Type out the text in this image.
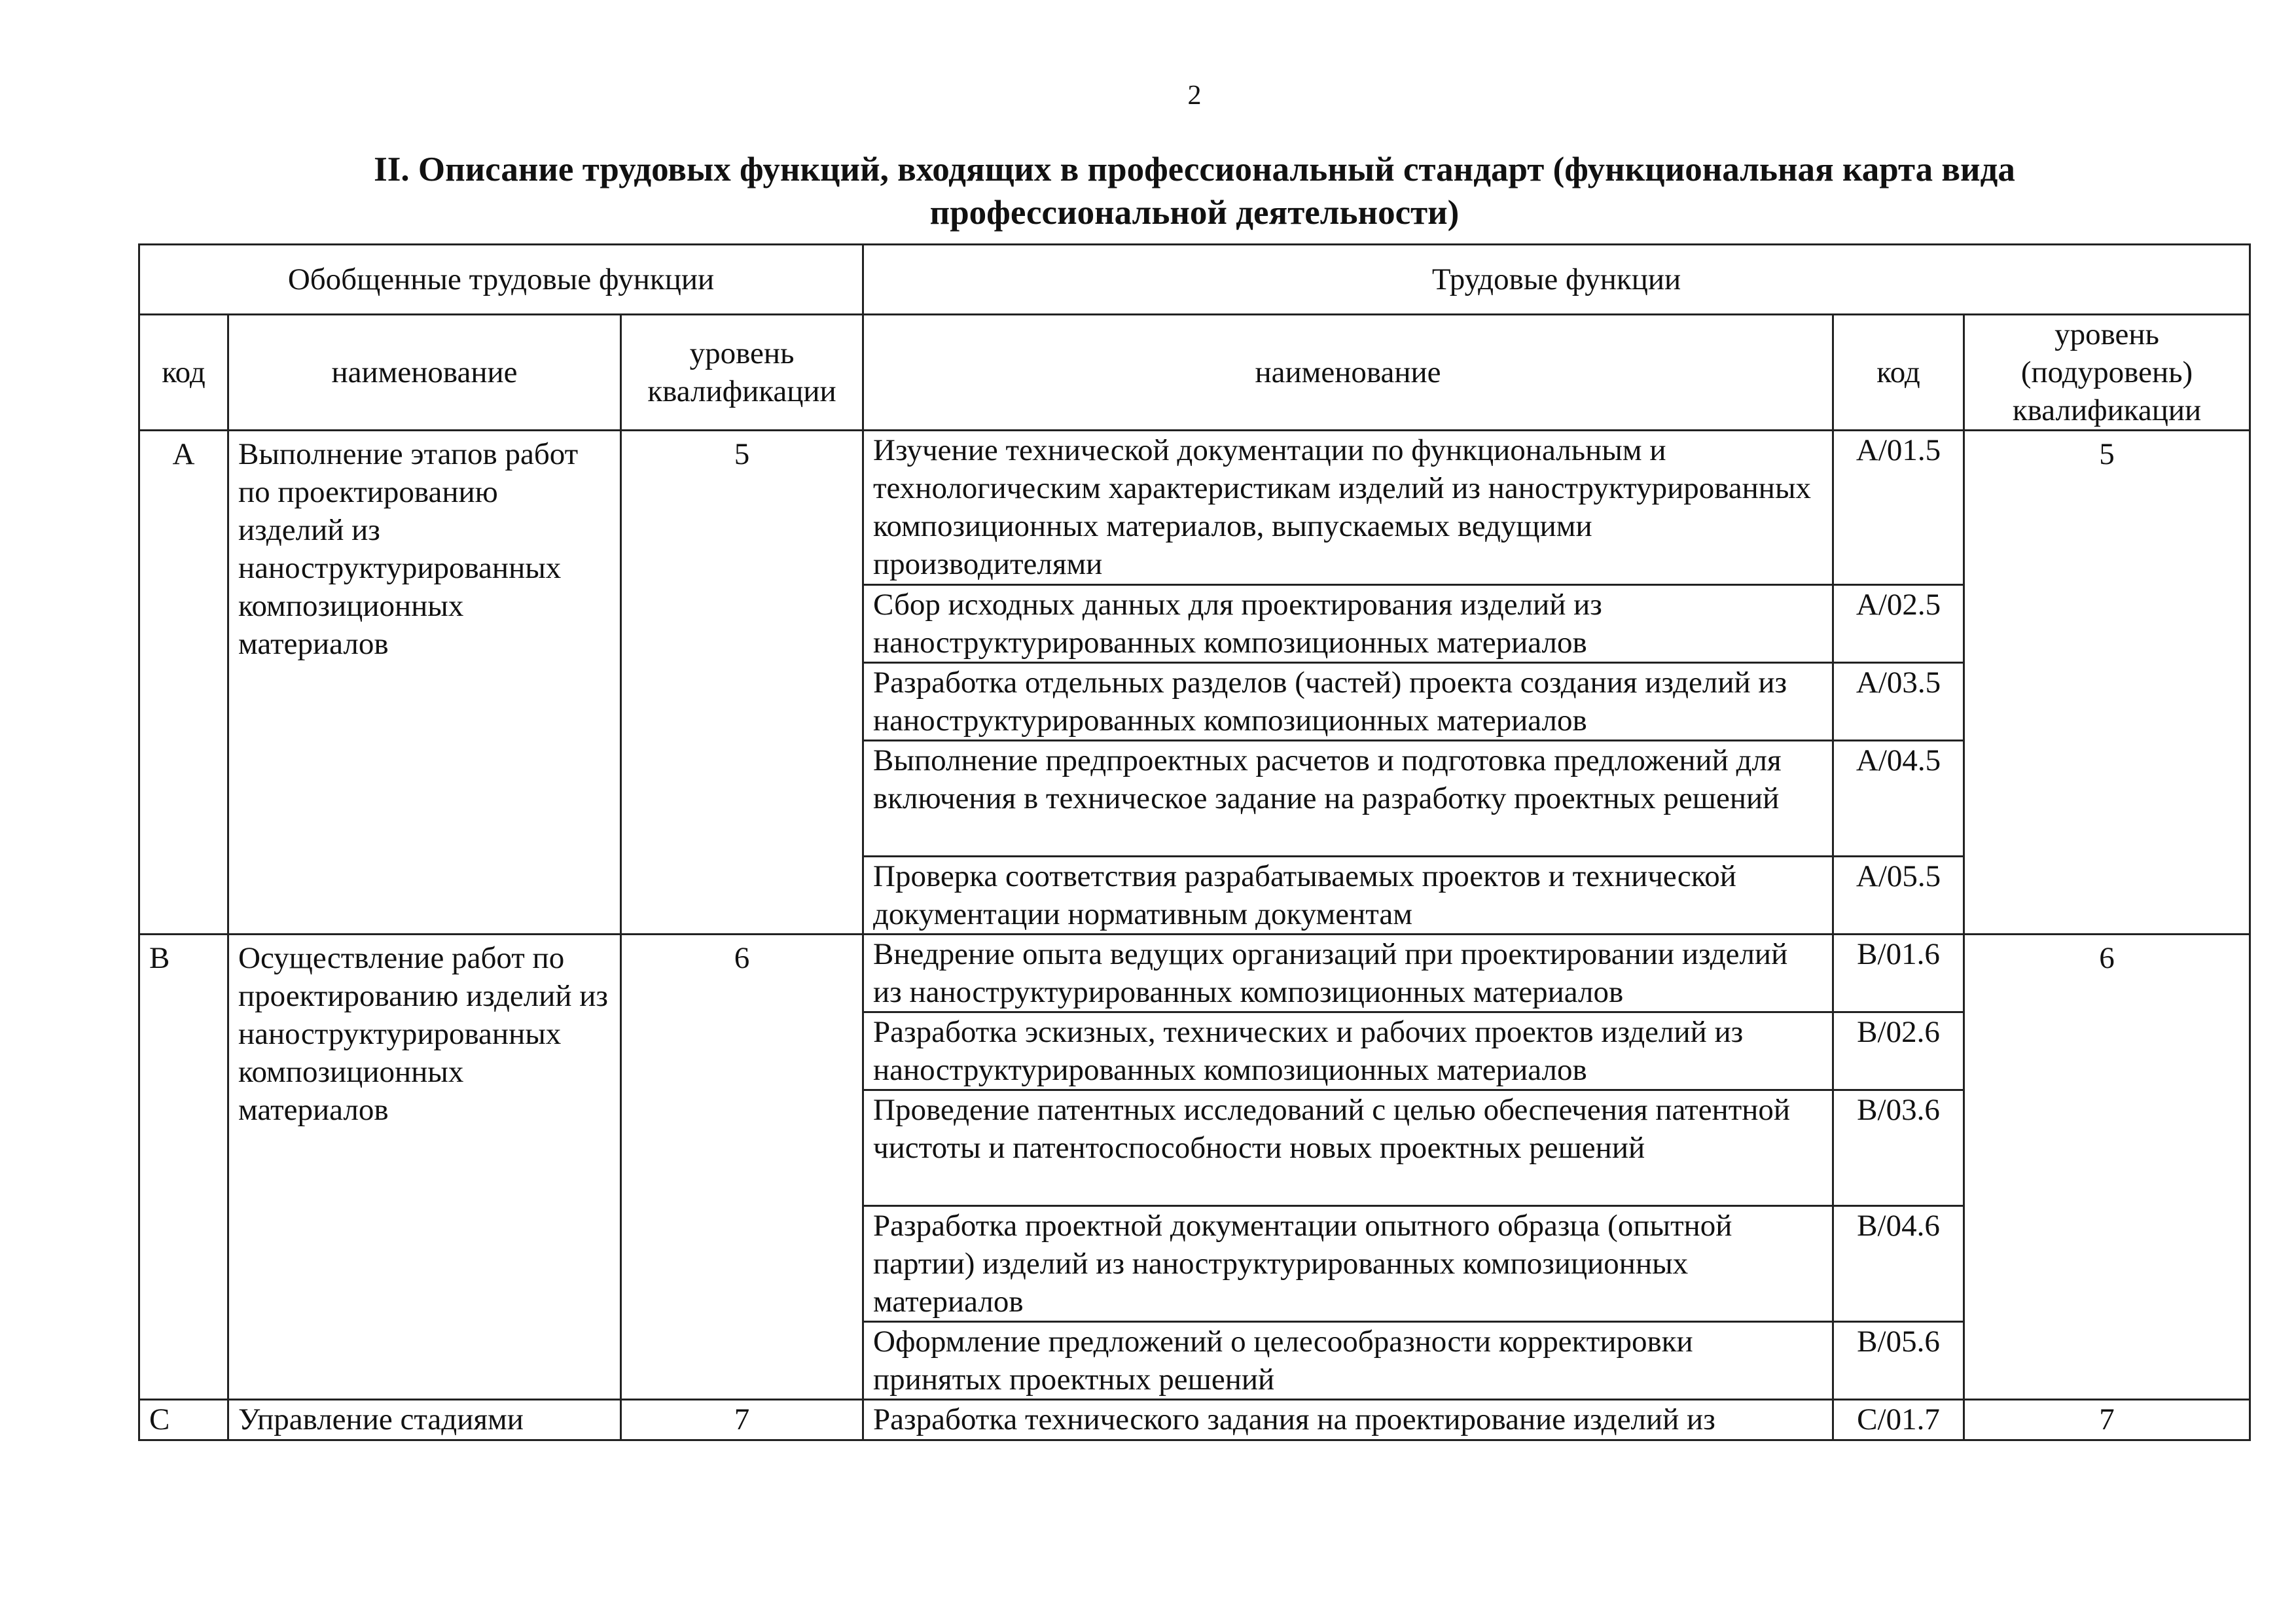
2
II. Описание трудовых функций, входящих в профессиональный стандарт (функциональная карта вида
профессиональной деятельности)
Обобщенные трудовые функции			Трудовые функции		
код	наименование	уровень квалификации	наименование	код	уровень (подуровень) квалификации
A	Выполнение этапов работ по проектированию изделий из наноструктурированных композиционных материалов	5	Изучение технической документации по функциональным и технологическим характеристикам изделий из наноструктурированных композиционных материалов, выпускаемых ведущими производителями	A/01.5	5
			Сбор исходных данных для проектирования изделий из наноструктурированных композиционных материалов	A/02.5	
			Разработка отдельных разделов (частей) проекта создания изделий из наноструктурированных композиционных материалов	A/03.5	
			Выполнение предпроектных расчетов и подготовка предложений для включения в техническое задание на разработку проектных решений	A/04.5	
			Проверка соответствия разрабатываемых проектов и технической документации нормативным документам	A/05.5	
B	Осуществление работ по проектированию изделий из наноструктурированных композиционных материалов	6	Внедрение опыта ведущих организаций при проектировании изделий из наноструктурированных композиционных материалов	B/01.6	6
			Разработка эскизных, технических и рабочих проектов изделий из наноструктурированных композиционных материалов	B/02.6	
			Проведение патентных исследований с целью обеспечения патентной чистоты и патентоспособности новых проектных решений	B/03.6	
			Разработка проектной документации опытного образца (опытной партии) изделий из наноструктурированных композиционных материалов	B/04.6	
			Оформление предложений о целесообразности корректировки принятых проектных решений	B/05.6	
C	Управление стадиями	7	Разработка технического задания на проектирование изделий из	C/01.7	7
